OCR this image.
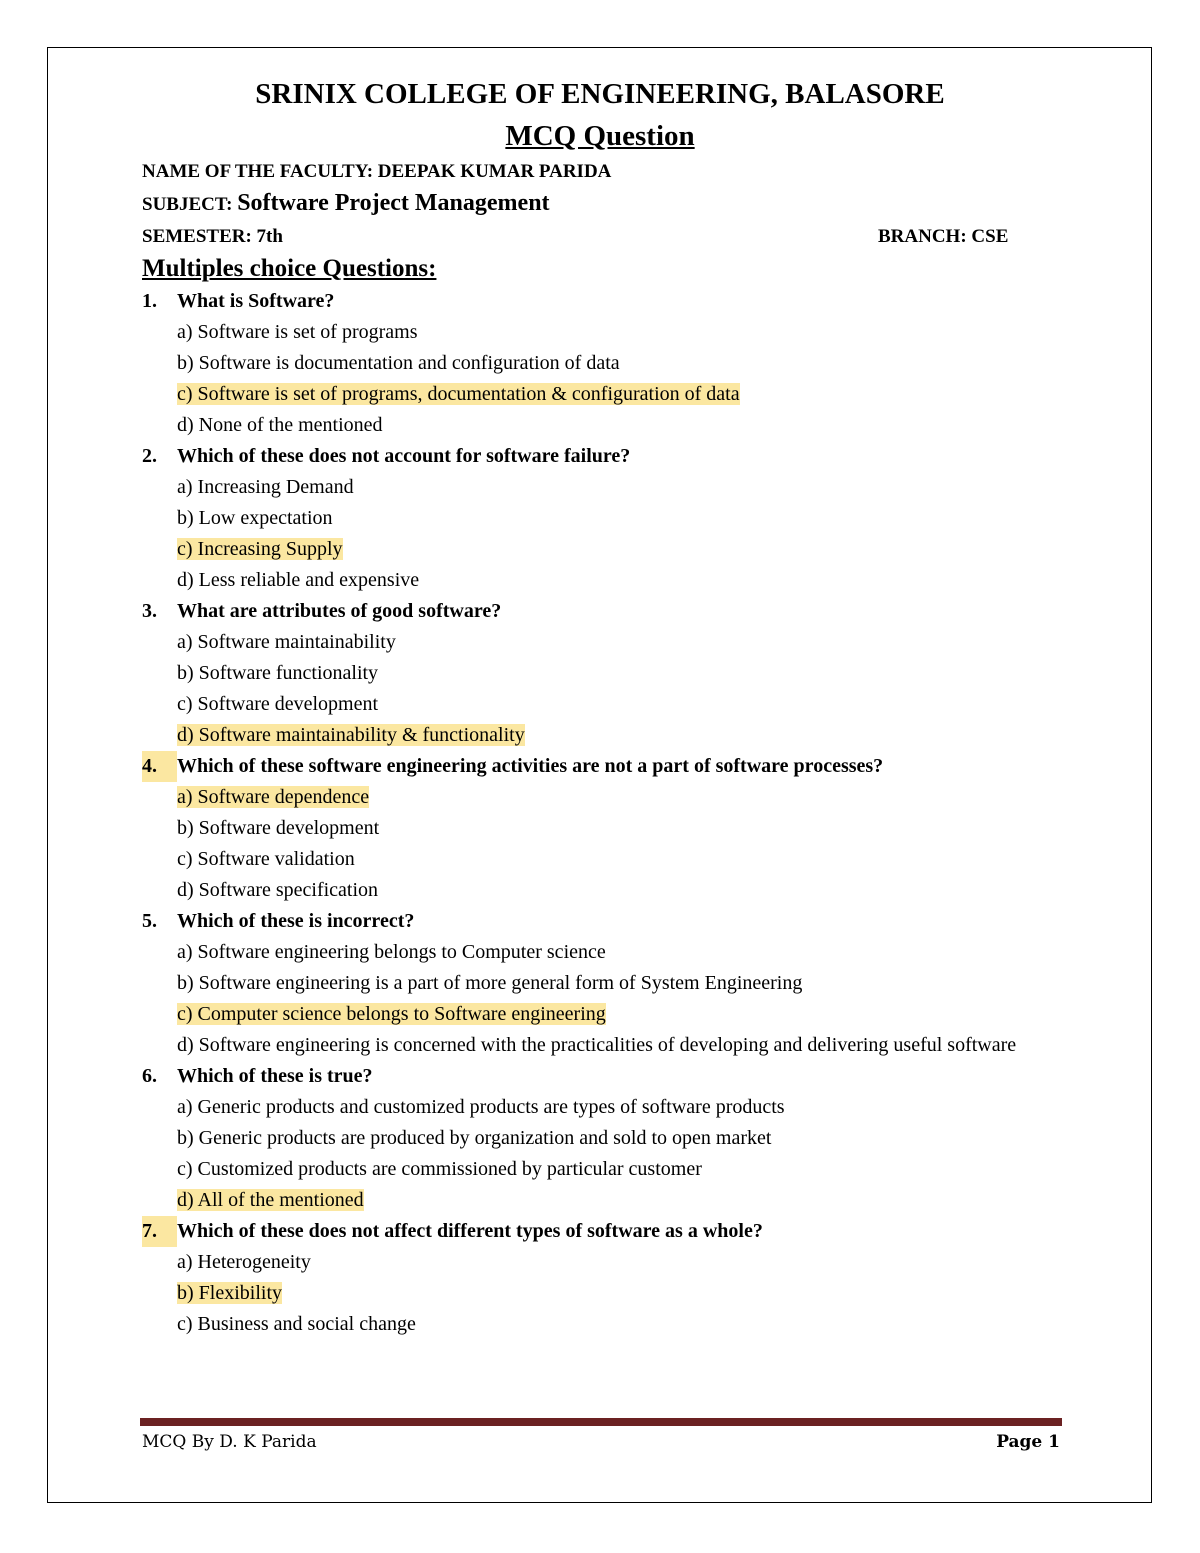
SRINIX COLLEGE OF ENGINEERING, BALASORE
MCQ Question
NAME OF THE FACULTY: DEEPAK KUMAR PARIDA
SUBJECT: Software Project Management
SEMESTER: 7th	BRANCH: CSE
Multiples choice Questions:
1.	What is Software?
a) Software is set of programs
b) Software is documentation and configuration of data
c) Software is set of programs, documentation & configuration of data
d) None of the mentioned
2.	Which of these does not account for software failure?
a) Increasing Demand
b) Low expectation
c) Increasing Supply
d) Less reliable and expensive
3.	What are attributes of good software?
a) Software maintainability
b) Software functionality
c) Software development
d) Software maintainability & functionality
4.	Which of these software engineering activities are not a part of software processes?
a) Software dependence
b) Software development
c) Software validation
d) Software specification
5.	Which of these is incorrect?
a) Software engineering belongs to Computer science
b) Software engineering is a part of more general form of System Engineering
c) Computer science belongs to Software engineering
d) Software engineering is concerned with the practicalities of developing and delivering useful software
6.	Which of these is true?
a) Generic products and customized products are types of software products
b) Generic products are produced by organization and sold to open market
c) Customized products are commissioned by particular customer
d) All of the mentioned
7.	Which of these does not affect different types of software as a whole?
a) Heterogeneity
b) Flexibility
c) Business and social change
MCQ By D. K Parida	Page 1
